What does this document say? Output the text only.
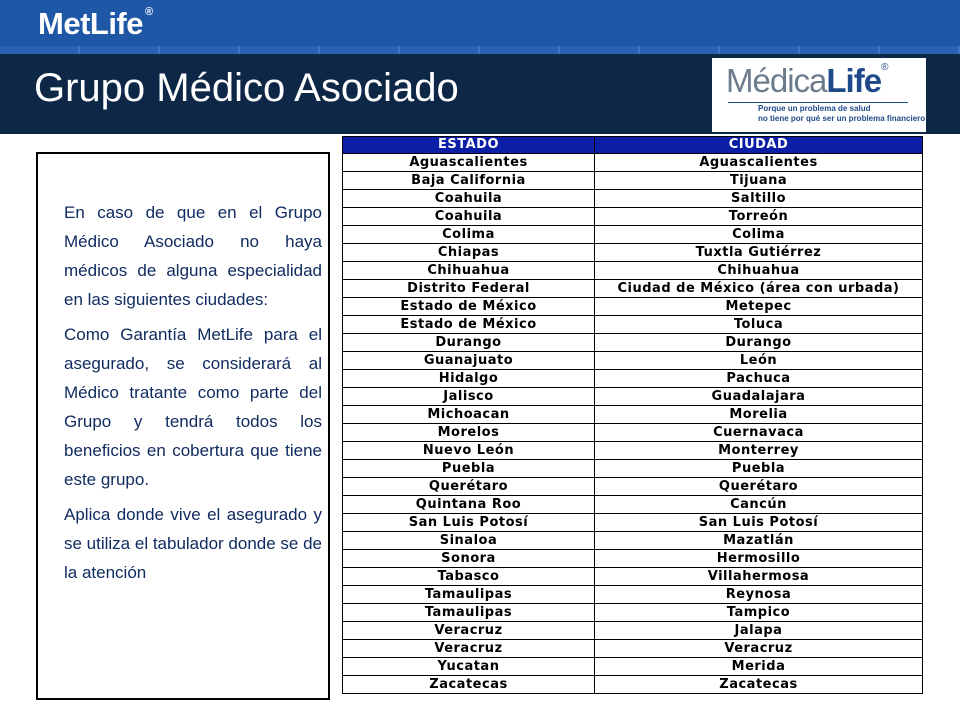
MetLife ®
Grupo Médico Asociado	MédicaLife®
Porque un problema de salud
no tiene por qué ser un problema financiero

En caso de que en el Grupo Médico Asociado no haya médicos de alguna especialidad en las siguientes ciudades:

Como Garantía MetLife para el asegurado, se considerará al Médico tratante como parte del Grupo y tendrá todos los beneficios en cobertura que tiene este grupo.

Aplica donde vive el asegurado y se utiliza el tabulador donde se de la atención

ESTADO	CIUDAD
Aguascalientes	Aguascalientes
Baja California	Tijuana
Coahuila	Saltillo
Coahuila	Torreón
Colima	Colima
Chiapas	Tuxtla Gutiérrez
Chihuahua	Chihuahua
Distrito Federal	Ciudad de México (área con urbada)
Estado de México	Metepec
Estado de México	Toluca
Durango	Durango
Guanajuato	León
Hidalgo	Pachuca
Jalisco	Guadalajara
Michoacan	Morelia
Morelos	Cuernavaca
Nuevo León	Monterrey
Puebla	Puebla
Querétaro	Querétaro
Quintana Roo	Cancún
San Luis Potosí	San Luis Potosí
Sinaloa	Mazatlán
Sonora	Hermosillo
Tabasco	Villahermosa
Tamaulipas	Reynosa
Tamaulipas	Tampico
Veracruz	Jalapa
Veracruz	Veracruz
Yucatan	Merida
Zacatecas	Zacatecas
